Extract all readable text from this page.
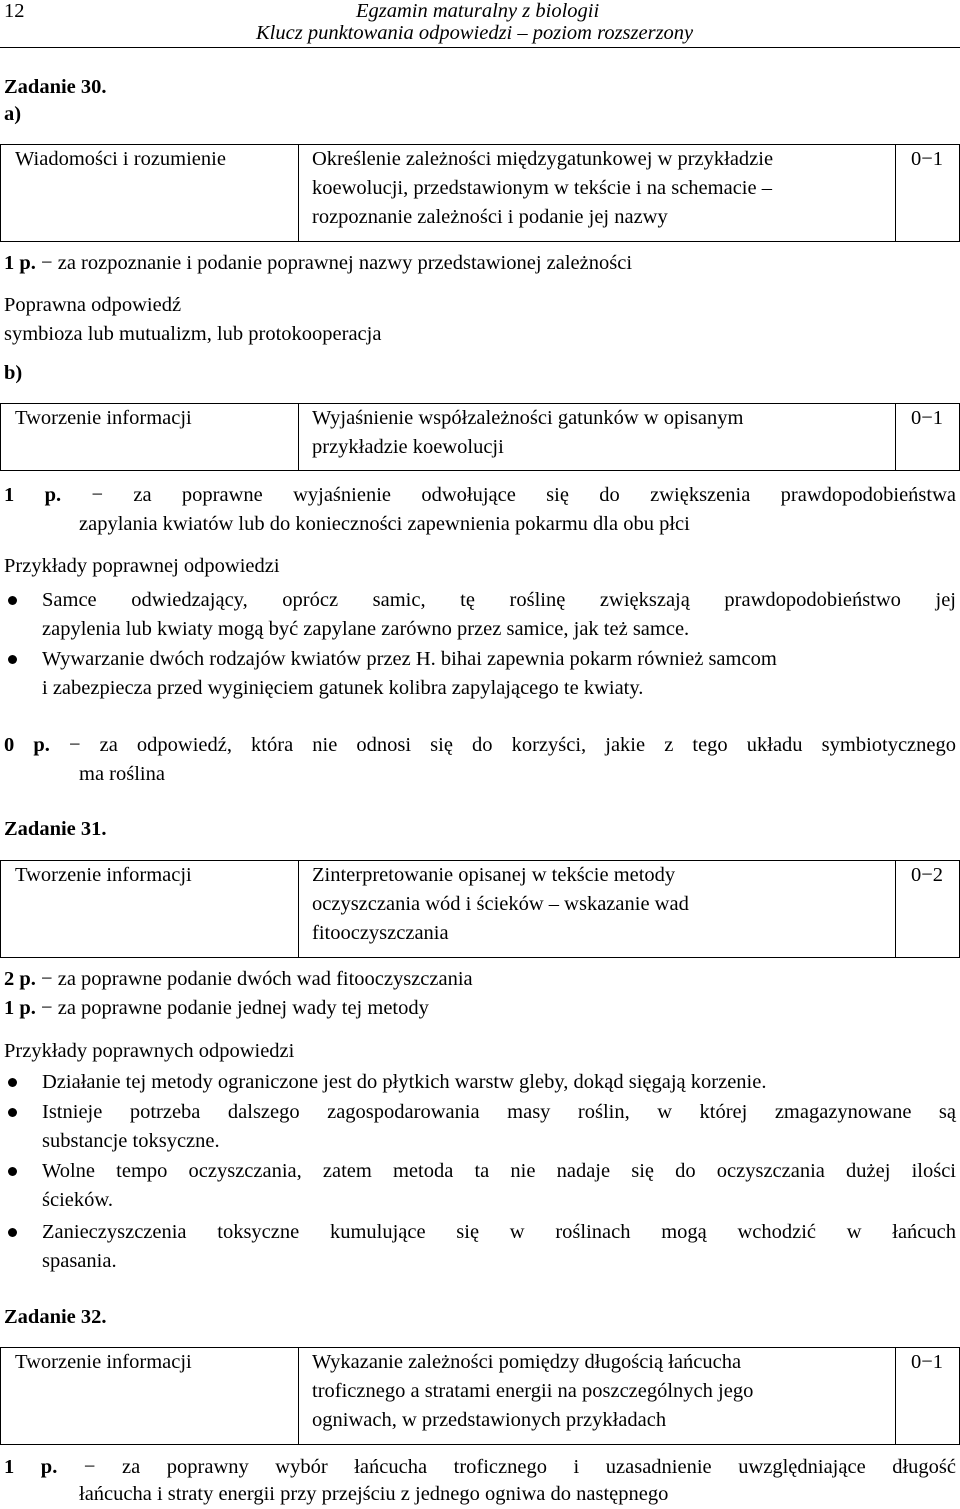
12	Egzamin maturalny z biologii
Klucz punktowania odpowiedzi – poziom rozszerzony
Zadanie 30.
a)
Wiadomości i rozumienie	Określenie zależności międzygatunkowej w przykładzie
koewolucji, przedstawionym w tekście i na schemacie –
rozpoznanie zależności i podanie jej nazwy
0−1
1 p. − za rozpoznanie i podanie poprawnej nazwy przedstawionej zależności
Poprawna odpowiedź
symbioza lub mutualizm, lub protokooperacja
b)
Tworzenie informacji	Wyjaśnienie współzależności gatunków w opisanym
przykładzie koewolucji
0−1
1 p. − za poprawne wyjaśnienie odwołujące się do zwiększenia prawdopodobieństwa
zapylania kwiatów lub do konieczności zapewnienia pokarmu dla obu płci
Przykłady poprawnej odpowiedzi
Samce odwiedzający, oprócz samic, tę roślinę zwiększają prawdopodobieństwo jej
zapylenia lub kwiaty mogą być zapylane zarówno przez samice, jak też samce.
Wywarzanie dwóch rodzajów kwiatów przez H. bihai zapewnia pokarm również samcom
i zabezpiecza przed wyginięciem gatunek kolibra zapylającego te kwiaty.
0 p. − za odpowiedź, która nie odnosi się do korzyści, jakie z tego układu symbiotycznego
ma roślina
Zadanie 31.
Tworzenie informacji	Zinterpretowanie opisanej w tekście metody
oczyszczania wód i ścieków – wskazanie wad
fitooczyszczania
0−2
2 p. − za poprawne podanie dwóch wad fitooczyszczania
1 p. − za poprawne podanie jednej wady tej metody
Przykłady poprawnych odpowiedzi
Działanie tej metody ograniczone jest do płytkich warstw gleby, dokąd sięgają korzenie.
Istnieje potrzeba dalszego zagospodarowania masy roślin, w której zmagazynowane są
substancje toksyczne.
Wolne tempo oczyszczania, zatem metoda ta nie nadaje się do oczyszczania dużej ilości
ścieków.
Zanieczyszczenia toksyczne kumulujące się w roślinach mogą wchodzić w łańcuch
spasania.
Zadanie 32.
Tworzenie informacji	Wykazanie zależności pomiędzy długością łańcucha
troficznego a stratami energii na poszczególnych jego
ogniwach, w przedstawionych przykładach
0−1
1 p. − za poprawny wybór łańcucha troficznego i uzasadnienie uwzględniające długość
łańcucha i straty energii przy przejściu z jednego ogniwa do następnego
